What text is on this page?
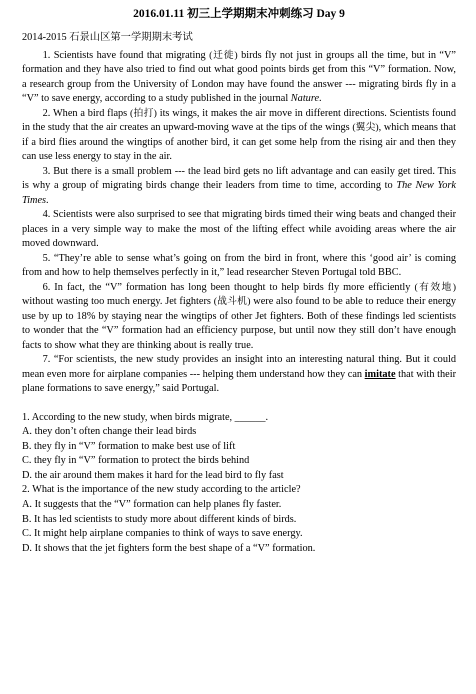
2016.01.11 初三上学期期末冲刺练习 Day 9
2014-2015 石景山区第一学期期末考试

1. Scientists have found that migrating (迁徙) birds fly not just in groups all the time, but in “V” formation and they have also tried to find out what good points birds get from this “V” formation. Now, a research group from the University of London may have found the answer --- migrating birds fly in a “V” to save energy, according to a study published in the journal Nature.

2. When a bird flaps (拍打) its wings, it makes the air move in different directions. Scientists found in the study that the air creates an upward-moving wave at the tips of the wings (翼尖), which means that if a bird flies around the wingtips of another bird, it can get some help from the rising air and then they can use less energy to stay in the air.

3. But there is a small problem --- the lead bird gets no lift advantage and can easily get tired. This is why a group of migrating birds change their leaders from time to time, according to The New York Times.

4. Scientists were also surprised to see that migrating birds timed their wing beats and changed their places in a very simple way to make the most of the lifting effect while avoiding areas where the air moved downward.

5. “They’re able to sense what’s going on from the bird in front, where this ‘good air’ is coming from and how to help themselves perfectly in it,” lead researcher Steven Portugal told BBC.

6. In fact, the “V” formation has long been thought to help birds fly more efficiently (有效地) without wasting too much energy. Jet fighters (战斗机) were also found to be able to reduce their energy use by up to 18% by staying near the wingtips of other Jet fighters. Both of these findings led scientists to wonder that the “V” formation had an efficiency purpose, but until now they still don’t have enough facts to show what they are thinking about is really true.

7. “For scientists, the new study provides an insight into an interesting natural thing. But it could mean even more for airplane companies --- helping them understand how they can imitate that with their plane formations to save energy,” said Portugal.

1. According to the new study, when birds migrate, ______.

A. they don’t often change their lead birds

B. they fly in “V” formation to make best use of lift

C. they fly in “V” formation to protect the birds behind

D. the air around them makes it hard for the lead bird to fly fast

2. What is the importance of the new study according to the article?

A. It suggests that the “V” formation can help planes fly faster.

B. It has led scientists to study more about different kinds of birds.

C. It might help airplane companies to think of ways to save energy.

D. It shows that the jet fighters form the best shape of a “V” formation.
